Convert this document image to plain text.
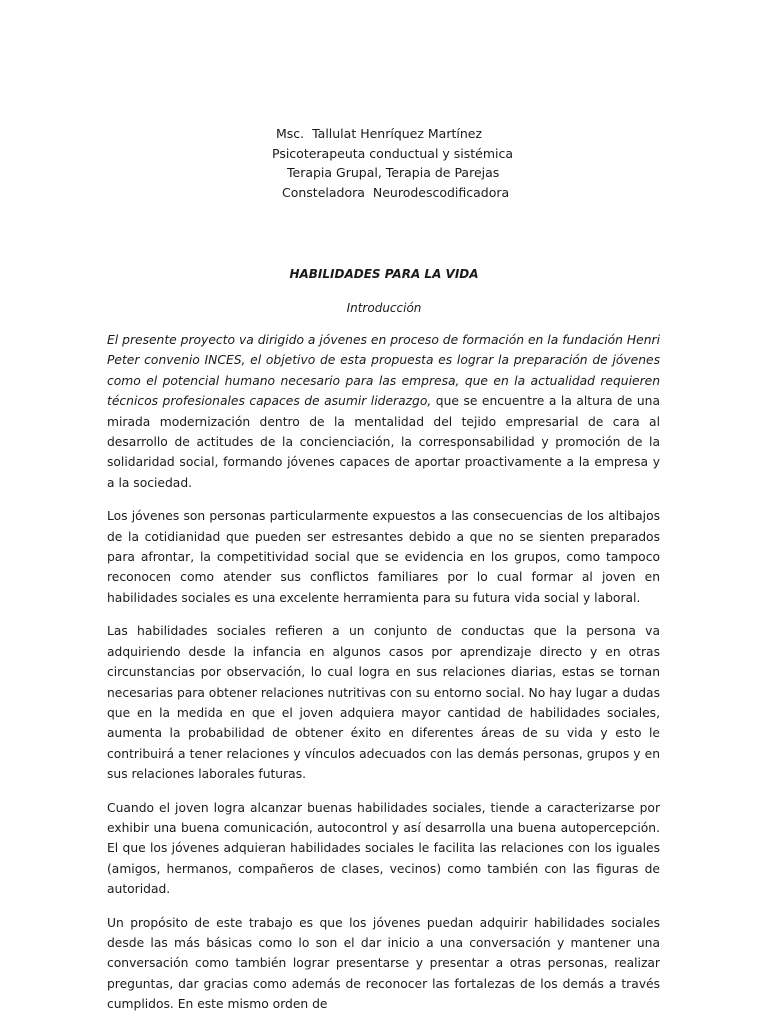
Msc.  Tallulat Henríquez Martínez
Psicoterapeuta conductual y sistémica
Terapia Grupal, Terapia de Parejas
Consteladora  Neurodescodificadora
HABILIDADES PARA LA VIDA
Introducción

El presente proyecto va dirigido a jóvenes en proceso de formación en la fundación Henri Peter convenio INCES, el objetivo de esta propuesta es lograr la preparación de jóvenes como el potencial humano necesario para las empresa, que en la actualidad requieren técnicos profesionales capaces de asumir liderazgo, que se encuentre a la altura de una mirada modernización dentro de la mentalidad del tejido empresarial de cara al desarrollo de actitudes de la concienciación, la corresponsabilidad y promoción de la solidaridad social, formando jóvenes capaces de aportar proactivamente a la empresa y a la sociedad.

Los jóvenes son personas particularmente expuestos a las consecuencias de los altibajos de la cotidianidad que pueden ser estresantes debido a que no se sienten preparados para afrontar, la competitividad social que se evidencia en los grupos, como tampoco reconocen como atender sus conflictos familiares por lo cual formar al joven en habilidades sociales es una excelente herramienta para su futura vida social y laboral.

Las habilidades sociales refieren a un conjunto de conductas que la persona va adquiriendo desde la infancia en algunos casos por aprendizaje directo y en otras circunstancias por observación, lo cual logra en sus relaciones diarias, estas se tornan necesarias para obtener relaciones nutritivas con su entorno social. No hay lugar a dudas que en la medida en que el joven adquiera mayor cantidad de habilidades sociales, aumenta la probabilidad de obtener éxito en diferentes áreas de su vida y esto le contribuirá a tener relaciones y vínculos adecuados con las demás personas, grupos y en sus relaciones laborales futuras.

Cuando el joven logra alcanzar buenas habilidades sociales, tiende a caracterizarse por exhibir una buena comunicación, autocontrol y así desarrolla una buena autopercepción. El que los jóvenes adquieran habilidades sociales le facilita las relaciones con los iguales (amigos, hermanos, compañeros de clases, vecinos) como también con las figuras de autoridad.

Un propósito de este trabajo es que los jóvenes puedan adquirir habilidades sociales desde las más básicas como lo son el dar inicio a una conversación y mantener una conversación como también lograr presentarse y presentar a otras personas, realizar preguntas, dar gracias como además de reconocer las fortalezas de los demás a través cumplidos. En este mismo orden de
